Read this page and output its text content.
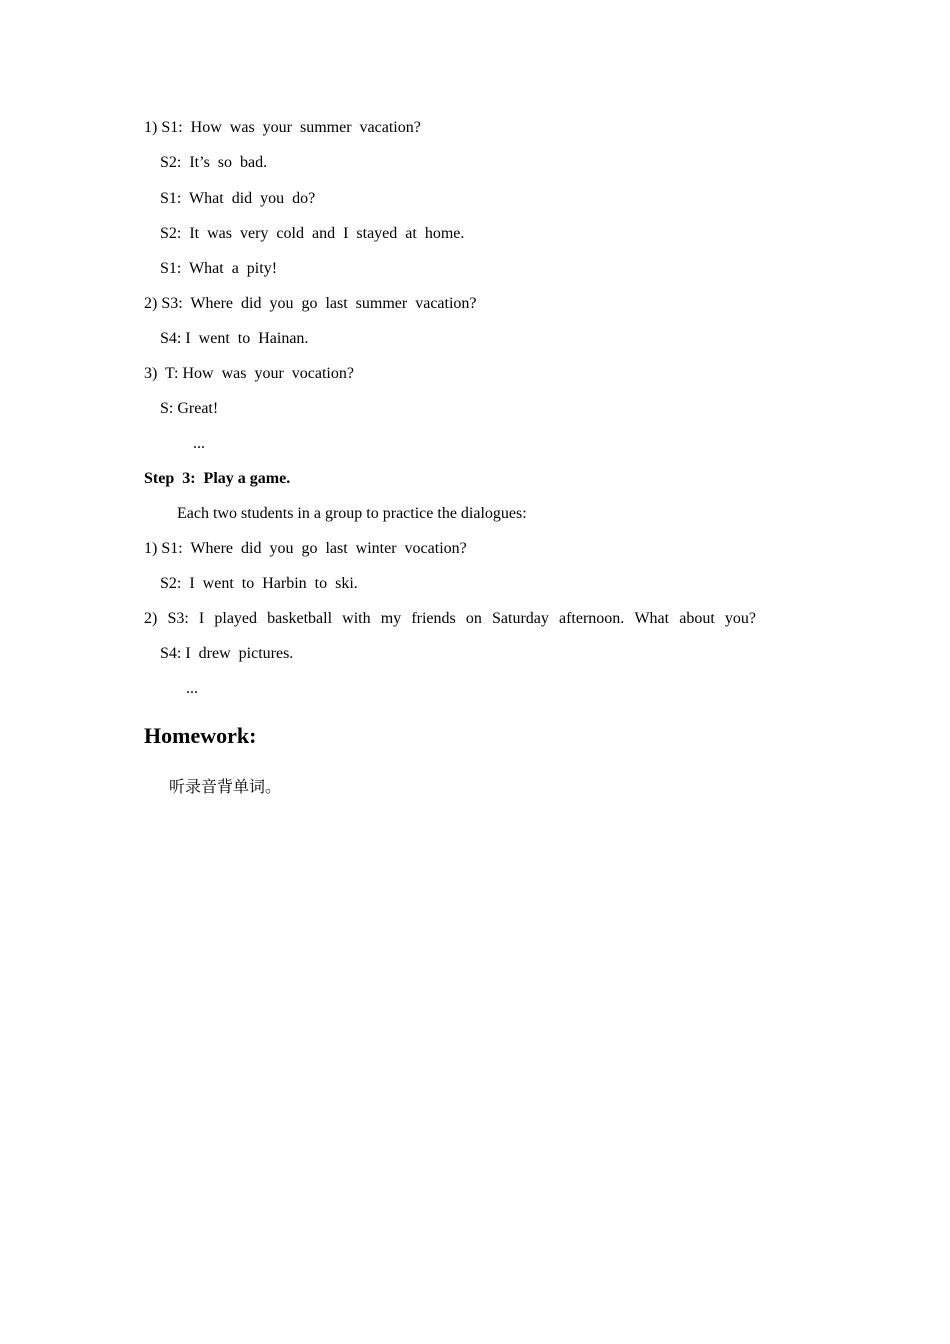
1) S1:  How  was  your  summer  vacation?
S2:  It’s  so  bad.
S1:  What  did  you  do?
S2:  It  was  very  cold  and  I  stayed  at  home.
S1:  What  a  pity!
2) S3:  Where  did  you  go  last  summer  vacation?
S4: I  went  to  Hainan.
3)  T: How  was  your  vocation?
S: Great!
...
Step  3:  Play a game.
Each two students in a group to practice the dialogues:
1) S1:  Where  did  you  go  last  winter  vocation?
S2:  I  went  to  Harbin  to  ski.
2) S3: I played basketball with my friends on Saturday afternoon. What about you?
S4: I  drew  pictures.
...
Homework:
听录音背单词。
